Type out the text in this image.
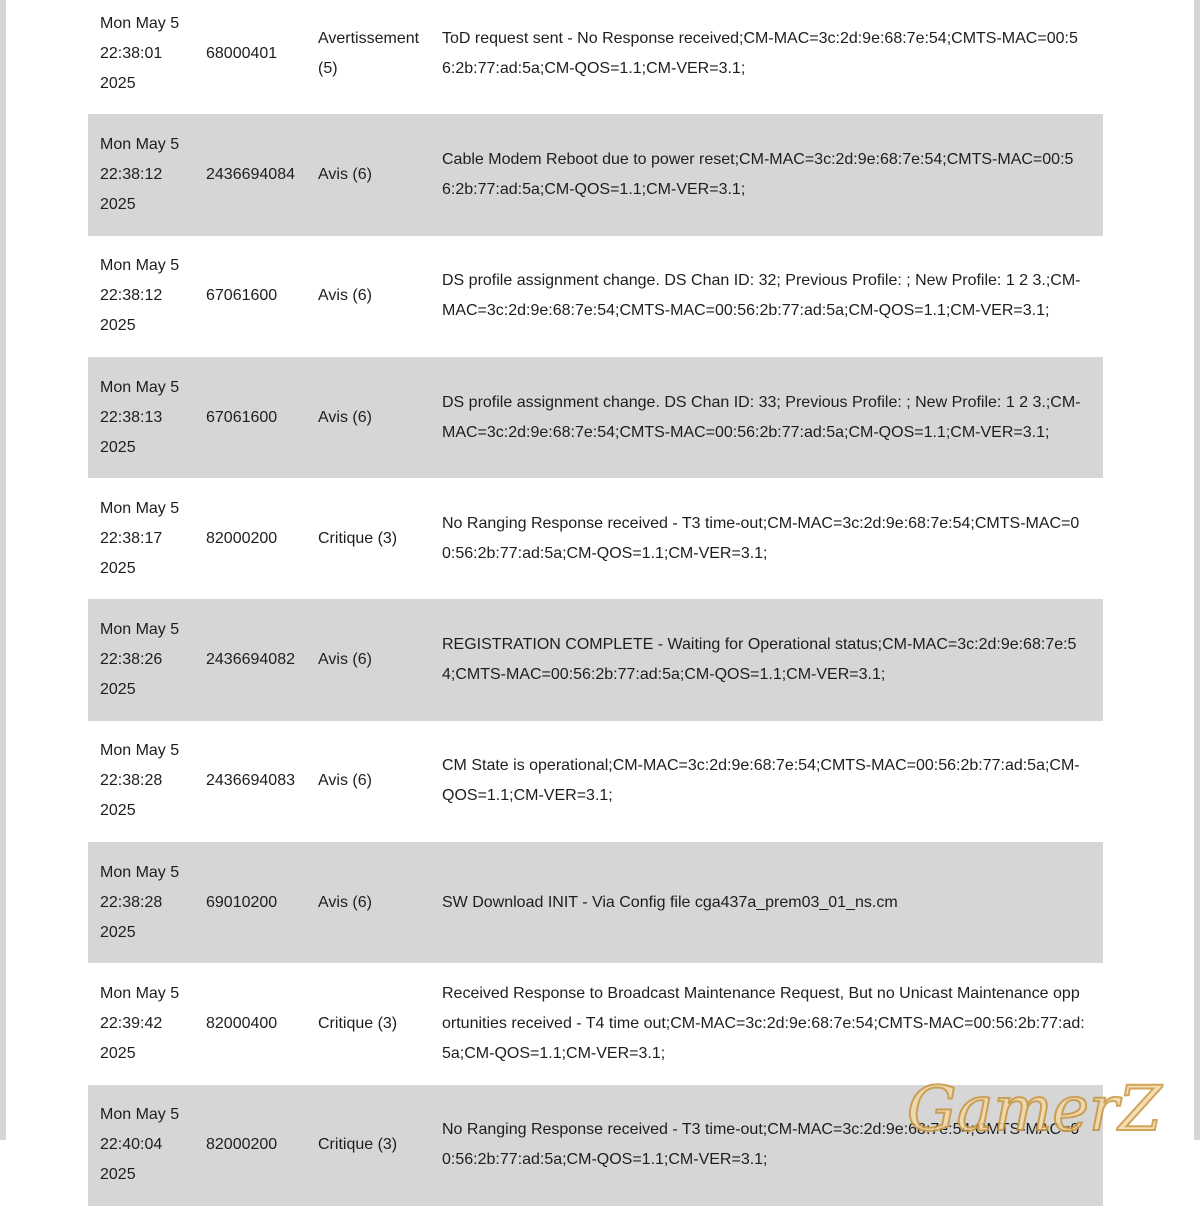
Mon May 5
22:38:01
2025
68000401
Avertissement (5)
ToD request sent - No Response received;CM-MAC=3c:2d:9e:68:7e:54;CMTS-MAC=00:56:2b:77:ad:5a;CM-QOS=1.1;CM-VER=3.1;
Mon May 5
22:38:12
2025
2436694084	Avis (6)
Cable Modem Reboot due to power reset;CM-MAC=3c:2d:9e:68:7e:54;CMTS-MAC=00:56:2b:77:ad:5a;CM-QOS=1.1;CM-VER=3.1;
Mon May 5
22:38:12
2025
67061600	Avis (6)
DS profile assignment change. DS Chan ID: 32; Previous Profile: ; New Profile: 1 2 3.;CM-MAC=3c:2d:9e:68:7e:54;CMTS-MAC=00:56:2b:77:ad:5a;CM-QOS=1.1;CM-VER=3.1;
Mon May 5
22:38:13
2025
67061600	Avis (6)
DS profile assignment change. DS Chan ID: 33; Previous Profile: ; New Profile: 1 2 3.;CM-MAC=3c:2d:9e:68:7e:54;CMTS-MAC=00:56:2b:77:ad:5a;CM-QOS=1.1;CM-VER=3.1;
Mon May 5
22:38:17
2025
82000200	Critique (3)
No Ranging Response received - T3 time-out;CM-MAC=3c:2d:9e:68:7e:54;CMTS-MAC=00:56:2b:77:ad:5a;CM-QOS=1.1;CM-VER=3.1;
Mon May 5
22:38:26
2025
2436694082	Avis (6)
REGISTRATION COMPLETE - Waiting for Operational status;CM-MAC=3c:2d:9e:68:7e:54;CMTS-MAC=00:56:2b:77:ad:5a;CM-QOS=1.1;CM-VER=3.1;
Mon May 5
22:38:28
2025
2436694083	Avis (6)
CM State is operational;CM-MAC=3c:2d:9e:68:7e:54;CMTS-MAC=00:56:2b:77:ad:5a;CM-QOS=1.1;CM-VER=3.1;
Mon May 5
22:38:28
2025
69010200	Avis (6)	SW Download INIT - Via Config file cga437a_prem03_01_ns.cm
Mon May 5
22:39:42
2025
82000400	Critique (3)
Received Response to Broadcast Maintenance Request, But no Unicast Maintenance opportunities received - T4 time out;CM-MAC=3c:2d:9e:68:7e:54;CMTS-MAC=00:56:2b:77:ad:5a;CM-QOS=1.1;CM-VER=3.1;
Mon May 5
22:40:04
2025
82000200	Critique (3)
No Ranging Response received - T3 time-out;CM-MAC=3c:2d:9e:68:7e:54;CMTS-MAC=00:56:2b:77:ad:5a;CM-QOS=1.1;CM-VER=3.1;
GamerZ
